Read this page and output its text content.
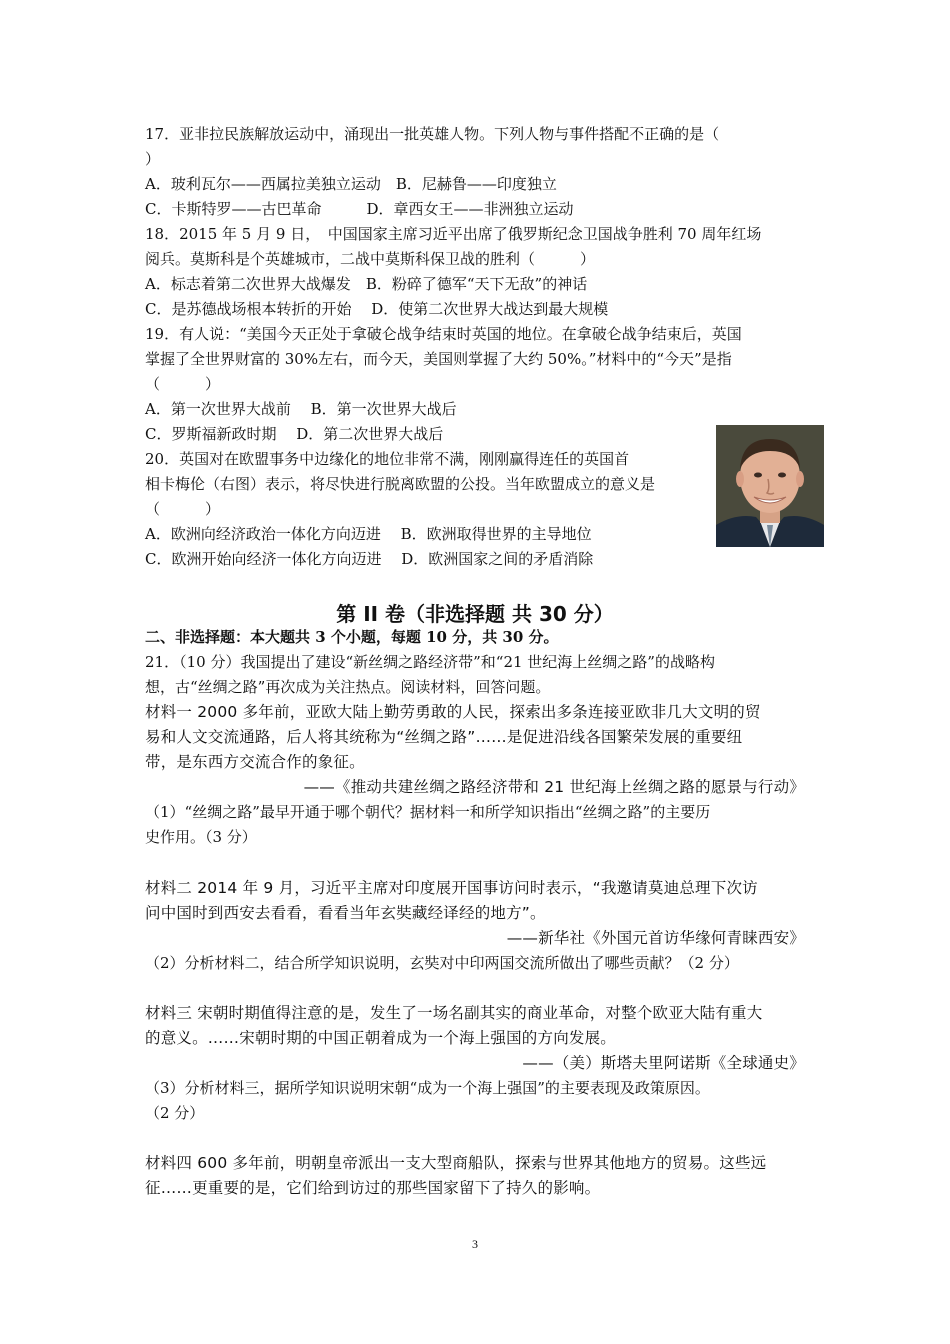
17．亚非拉民族解放运动中，涌现出一批英雄人物。下列人物与事件搭配不正确的是（
）
A．玻利瓦尔——西属拉美独立运动　B．尼赫鲁——印度独立
C．卡斯特罗——古巴革命　　　D．章西女王——非洲独立运动
18．2015 年 5 月 9 日，　中国国家主席习近平出席了俄罗斯纪念卫国战争胜利 70 周年红场
阅兵。莫斯科是个英雄城市，二战中莫斯科保卫战的胜利（　　　）
A．标志着第二次世界大战爆发　B．粉碎了德军“天下无敌”的神话
C．是苏德战场根本转折的开始　 D．使第二次世界大战达到最大规模
19．有人说：“美国今天正处于拿破仑战争结束时英国的地位。在拿破仑战争结束后，英国
掌握了全世界财富的 30%左右，而今天，美国则掌握了大约 50%。”材料中的“今天”是指
（　　　）
A．第一次世界大战前　 B．第一次世界大战后
C．罗斯福新政时期　 D．第二次世界大战后
20．英国对在欧盟事务中边缘化的地位非常不满，刚刚赢得连任的英国首
相卡梅伦（右图）表示，将尽快进行脱离欧盟的公投。当年欧盟成立的意义是
（　　　）
A．欧洲向经济政治一体化方向迈进　 B．欧洲取得世界的主导地位
C．欧洲开始向经济一体化方向迈进　 D．欧洲国家之间的矛盾消除
第 II 卷（非选择题 共 30 分）
二、非选择题：本大题共 3 个小题，每题 10 分，共 30 分。
21．（10 分）我国提出了建设“新丝绸之路经济带”和“21 世纪海上丝绸之路”的战略构
想，古“丝绸之路”再次成为关注热点。阅读材料，回答问题。
材料一 2000 多年前，亚欧大陆上勤劳勇敢的人民，探索出多条连接亚欧非几大文明的贸
易和人文交流通路，后人将其统称为“丝绸之路”……是促进沿线各国繁荣发展的重要纽
带，是东西方交流合作的象征。
——《推动共建丝绸之路经济带和 21 世纪海上丝绸之路的愿景与行动》
（1）“丝绸之路”最早开通于哪个朝代？据材料一和所学知识指出“丝绸之路”的主要历
史作用。（3 分）
材料二 2014 年 9 月，习近平主席对印度展开国事访问时表示，“我邀请莫迪总理下次访
问中国时到西安去看看，看看当年玄奘藏经译经的地方”。
——新华社《外国元首访华缘何青睐西安》
（2）分析材料二，结合所学知识说明，玄奘对中印两国交流所做出了哪些贡献？（2 分）
材料三 宋朝时期值得注意的是，发生了一场名副其实的商业革命，对整个欧亚大陆有重大
的意义。……宋朝时期的中国正朝着成为一个海上强国的方向发展。
——（美）斯塔夫里阿诺斯《全球通史》
（3）分析材料三，据所学知识说明宋朝“成为一个海上强国”的主要表现及政策原因。
（2 分）
材料四 600 多年前，明朝皇帝派出一支大型商船队，探索与世界其他地方的贸易。这些远
征……更重要的是，它们给到访过的那些国家留下了持久的影响。
3
